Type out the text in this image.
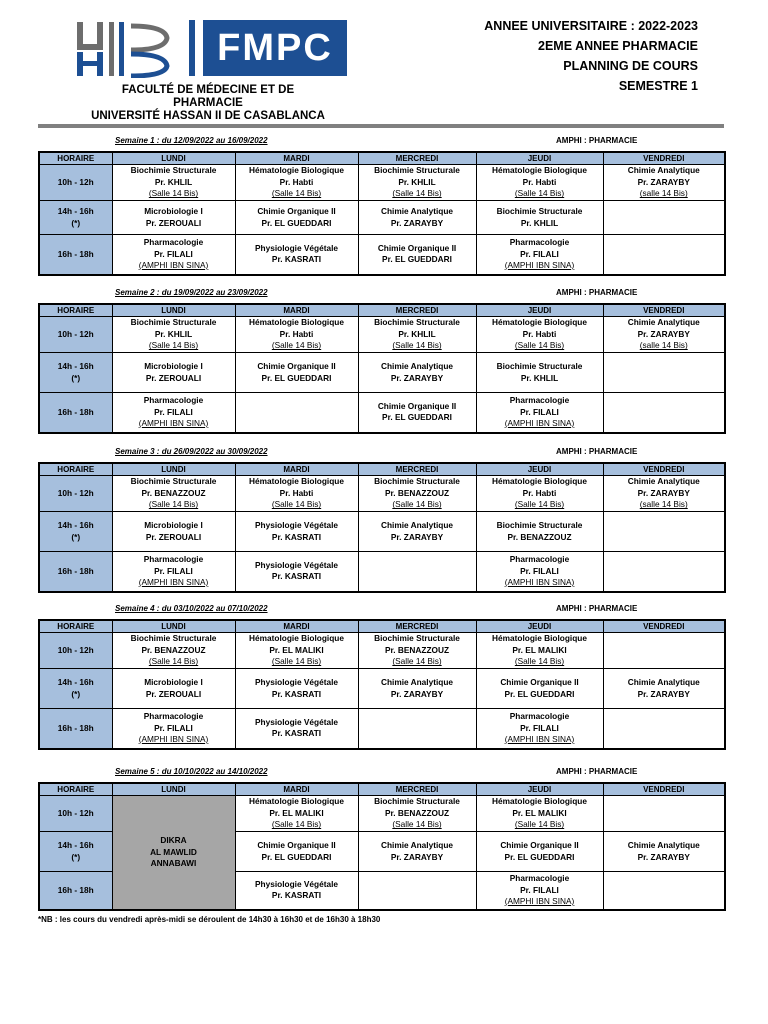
FMPC
FACULTÉ DE MÉDECINE ET DE PHARMACIE
UNIVERSITÉ HASSAN II DE CASABLANCA
ANNEE UNIVERSITAIRE : 2022-2023
2EME ANNEE PHARMACIE
PLANNING DE COURS
SEMESTRE 1
Semaine 1 : du 12/09/2022 au 16/09/2022	AMPHI : PHARMACIE
HORAIRE	LUNDI	MARDI	MERCREDI	JEUDI	VENDREDI

10h - 12h	Biochimie Structurale
Pr. KHLIL
(Salle 14 Bis)	Hématologie Biologique
Pr. Habti
(Salle 14 Bis)	Biochimie Structurale
Pr. KHLIL
(Salle 14 Bis)	Hématologie Biologique
Pr. Habti
(Salle 14 Bis)	Chimie Analytique
Pr. ZARAYBY
(salle 14 Bis)

14h - 16h
(*)	Microbiologie I
Pr. ZEROUALI	Chimie Organique II
Pr. EL GUEDDARI	Chimie Analytique
Pr. ZARAYBY	Biochimie Structurale
Pr. KHLIL	

16h - 18h	Pharmacologie
Pr. FILALI
(AMPHI IBN SINA)	Physiologie Végétale
Pr. KASRATI	Chimie Organique II
Pr. EL GUEDDARI	Pharmacologie
Pr. FILALI
(AMPHI IBN SINA)	

Semaine 2 : du 19/09/2022 au 23/09/2022	AMPHI : PHARMACIE
HORAIRE	LUNDI	MARDI	MERCREDI	JEUDI	VENDREDI

10h - 12h	Biochimie Structurale
Pr. KHLIL
(Salle 14 Bis)	Hématologie Biologique
Pr. Habti
(Salle 14 Bis)	Biochimie Structurale
Pr. KHLIL
(Salle 14 Bis)	Hématologie Biologique
Pr. Habti
(Salle 14 Bis)	Chimie Analytique
Pr. ZARAYBY
(salle 14 Bis)

14h - 16h
(*)	Microbiologie I
Pr. ZEROUALI	Chimie Organique II
Pr. EL GUEDDARI	Chimie Analytique
Pr. ZARAYBY	Biochimie Structurale
Pr. KHLIL	

16h - 18h	Pharmacologie
Pr. FILALI
(AMPHI IBN SINA)		Chimie Organique II
Pr. EL GUEDDARI	Pharmacologie
Pr. FILALI
(AMPHI IBN SINA)	

Semaine 3 : du 26/09/2022 au 30/09/2022	AMPHI : PHARMACIE
HORAIRE	LUNDI	MARDI	MERCREDI	JEUDI	VENDREDI

10h - 12h	Biochimie Structurale
Pr. BENAZZOUZ
(Salle 14 Bis)	Hématologie Biologique
Pr. Habti
(Salle 14 Bis)	Biochimie Structurale
Pr. BENAZZOUZ
(Salle 14 Bis)	Hématologie Biologique
Pr. Habti
(Salle 14 Bis)	Chimie Analytique
Pr. ZARAYBY
(salle 14 Bis)

14h - 16h
(*)	Microbiologie I
Pr. ZEROUALI	Physiologie Végétale
Pr. KASRATI	Chimie Analytique
Pr. ZARAYBY	Biochimie Structurale
Pr. BENAZZOUZ	

16h - 18h	Pharmacologie
Pr. FILALI
(AMPHI IBN SINA)	Physiologie Végétale
Pr. KASRATI		Pharmacologie
Pr. FILALI
(AMPHI IBN SINA)	

Semaine 4 : du 03/10/2022 au 07/10/2022	AMPHI : PHARMACIE
HORAIRE	LUNDI	MARDI	MERCREDI	JEUDI	VENDREDI

10h - 12h	Biochimie Structurale
Pr. BENAZZOUZ
(Salle 14 Bis)	Hématologie Biologique
Pr. EL MALIKI
(Salle 14 Bis)	Biochimie Structurale
Pr. BENAZZOUZ
(Salle 14 Bis)	Hématologie Biologique
Pr. EL MALIKI
(Salle 14 Bis)	

14h - 16h
(*)	Microbiologie I
Pr. ZEROUALI	Physiologie Végétale
Pr. KASRATI	Chimie Analytique
Pr. ZARAYBY	Chimie Organique II
Pr. EL GUEDDARI	Chimie Analytique
Pr. ZARAYBY

16h - 18h	Pharmacologie
Pr. FILALI
(AMPHI IBN SINA)	Physiologie Végétale
Pr. KASRATI		Pharmacologie
Pr. FILALI
(AMPHI IBN SINA)	

Semaine 5 : du 10/10/2022 au 14/10/2022	AMPHI : PHARMACIE
HORAIRE	LUNDI	MARDI	MERCREDI	JEUDI	VENDREDI

10h - 12h	DIKRA
AL MAWLID
ANNABAWI	Hématologie Biologique
Pr. EL MALIKI
(Salle 14 Bis)	Biochimie Structurale
Pr. BENAZZOUZ
(Salle 14 Bis)	Hématologie Biologique
Pr. EL MALIKI
(Salle 14 Bis)	

14h - 16h
(*)		Chimie Organique II
Pr. EL GUEDDARI	Chimie Analytique
Pr. ZARAYBY	Chimie Organique II
Pr. EL GUEDDARI	Chimie Analytique
Pr. ZARAYBY

16h - 18h		Physiologie Végétale
Pr. KASRATI		Pharmacologie
Pr. FILALI
(AMPHI IBN SINA)	

*NB : les cours du vendredi après-midi se déroulent de 14h30 à 16h30 et de 16h30 à 18h30
